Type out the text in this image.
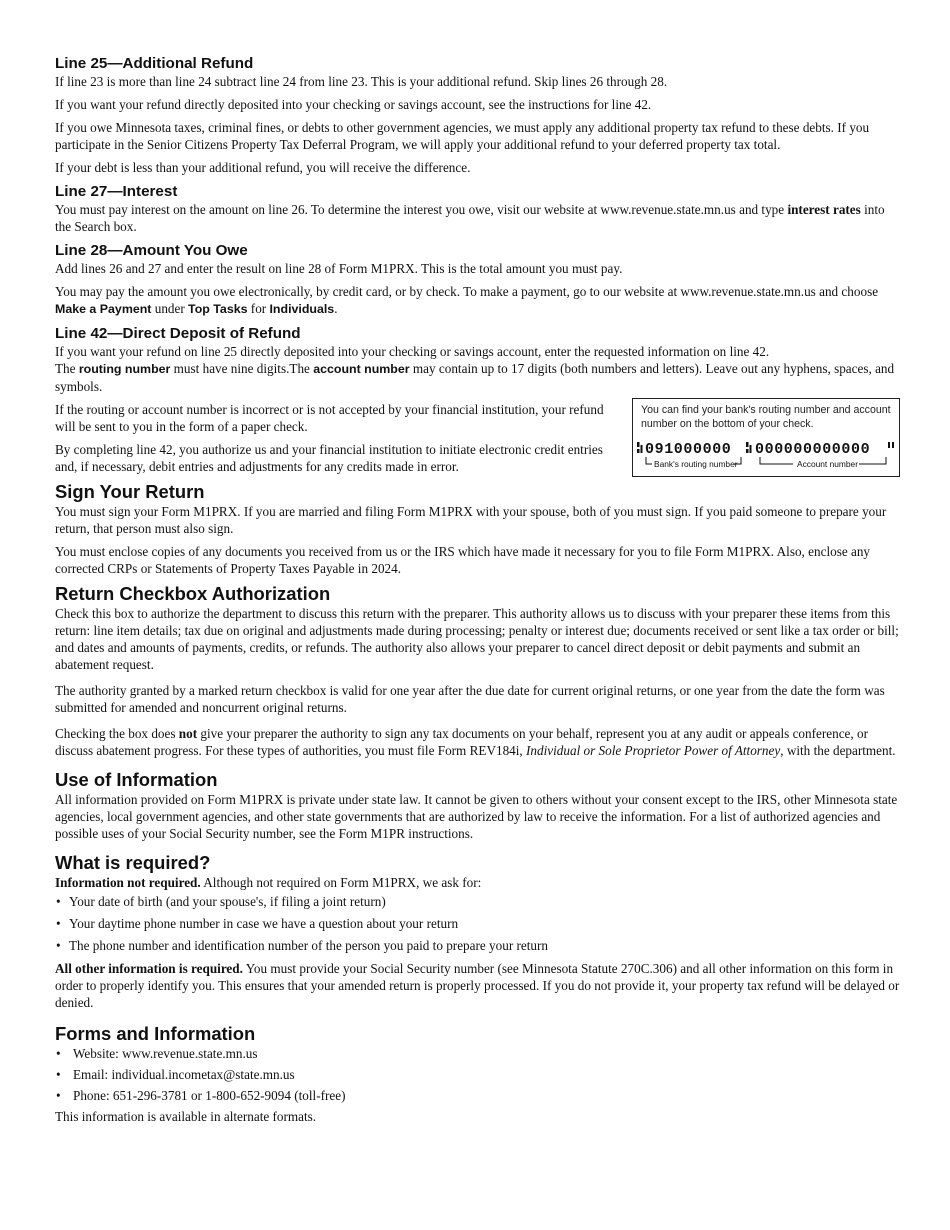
Line 25—Additional Refund

If line 23 is more than line 24 subtract line 24 from line 23. This is your additional refund. Skip lines 26 through 28.

If you want your refund directly deposited into your checking or savings account, see the instructions for line 42.

If you owe Minnesota taxes, criminal fines, or debts to other government agencies, we must apply any additional property tax refund to these debts. If you participate in the Senior Citizens Property Tax Deferral Program, we will apply your additional refund to your deferred property tax total.

If your debt is less than your additional refund, you will receive the difference.

Line 27—Interest

You must pay interest on the amount on line 26. To determine the interest you owe, visit our website at www.revenue.state.mn.us and type interest rates into the Search box.

Line 28—Amount You Owe

Add lines 26 and 27 and enter the result on line 28 of Form M1PRX. This is the total amount you must pay.

You may pay the amount you owe electronically, by credit card, or by check. To make a payment, go to our website at www.revenue.state.mn.us and choose Make a Payment under Top Tasks for Individuals.

Line 42—Direct Deposit of Refund

If you want your refund on line 25 directly deposited into your checking or savings account, enter the requested information on line 42.

The routing number must have nine digits.The account number may contain up to 17 digits (both numbers and letters). Leave out any hyphens, spaces, and symbols.

If the routing or account number is incorrect or is not accepted by your financial institution, your refund will be sent to you in the form of a paper check.

By completing line 42, you authorize us and your financial institution to initiate electronic credit entries and, if necessary, debit entries and adjustments for any credits made in error.

You can find your bank's routing number and account number on the bottom of your check.
091000000 000000000000
Bank's routing number	Account number
Sign Your Return

You must sign your Form M1PRX. If you are married and filing Form M1PRX with your spouse, both of you must sign. If you paid someone to prepare your return, that person must also sign.

You must enclose copies of any documents you received from us or the IRS which have made it necessary for you to file Form M1PRX. Also, enclose any corrected CRPs or Statements of Property Taxes Payable in 2024.

Return Checkbox Authorization

Check this box to authorize the department to discuss this return with the preparer. This authority allows us to discuss with your preparer these items from this return: line item details; tax due on original and adjustments made during processing; penalty or interest due; documents received or sent like a tax order or bill; and dates and amounts of payments, credits, or refunds. The authority also allows your preparer to cancel direct deposit or debit payments and submit an abatement request.

The authority granted by a marked return checkbox is valid for one year after the due date for current original returns, or one year from the date the form was submitted for amended and noncurrent original returns.

Checking the box does not give your preparer the authority to sign any tax documents on your behalf, represent you at any audit or appeals conference, or discuss abatement progress. For these types of authorities, you must file Form REV184i, Individual or Sole Proprietor Power of Attorney, with the department.

Use of Information

All information provided on Form M1PRX is private under state law. It cannot be given to others without your consent except to the IRS, other Minnesota state agencies, local government agencies, and other state governments that are authorized by law to receive the information. For a list of authorized agencies and possible uses of your Social Security number, see the Form M1PR instructions.

What is required?

Information not required. Although not required on Form M1PRX, we ask for:

• Your date of birth (and your spouse's, if filing a joint return)
• Your daytime phone number in case we have a question about your return
• The phone number and identification number of the person you paid to prepare your return

All other information is required. You must provide your Social Security number (see Minnesota Statute 270C.306) and all other information on this form in order to properly identify you. This ensures that your amended return is properly processed. If you do not provide it, your property tax refund will be delayed or denied.

Forms and Information
• Website: www.revenue.state.mn.us
• Email: individual.incometax@state.mn.us
• Phone: 651-296-3781 or 1-800-652-9094 (toll-free)

This information is available in alternate formats.
